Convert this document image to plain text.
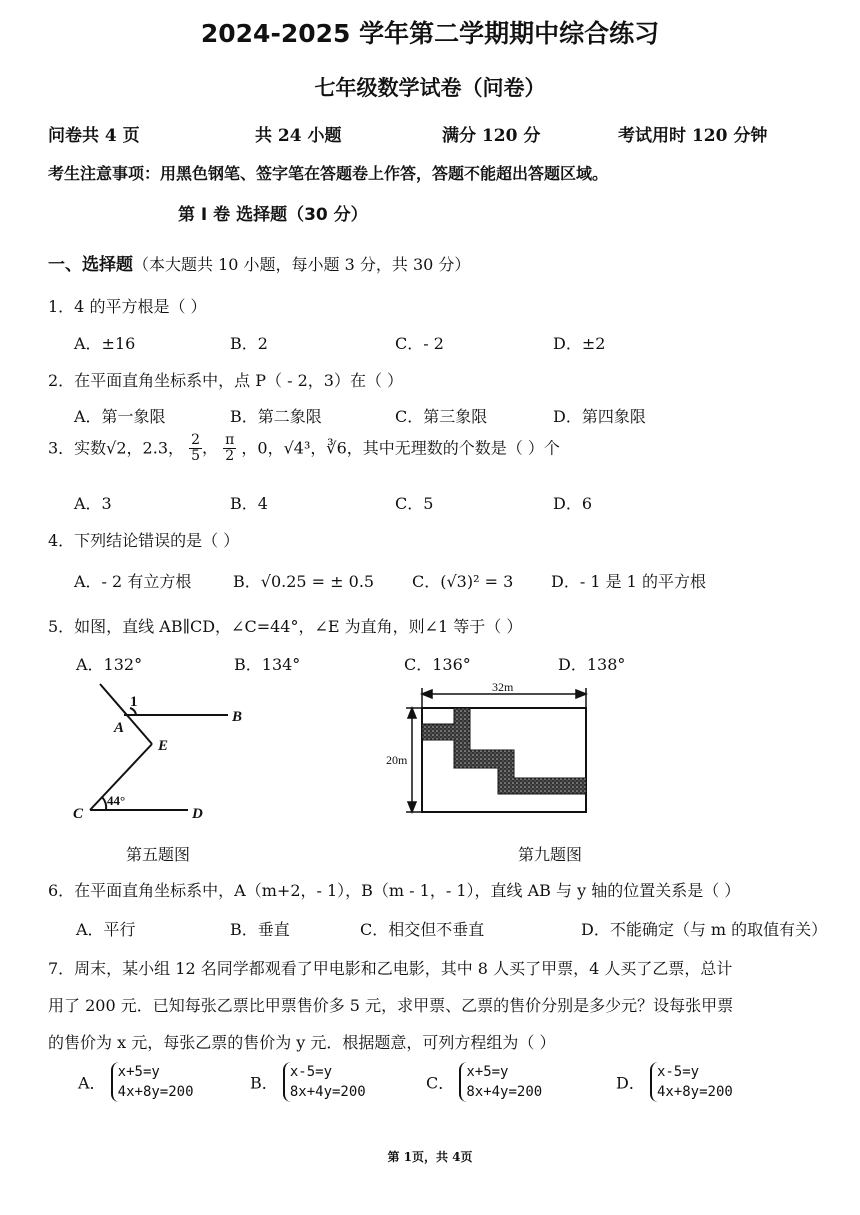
2024-2025 学年第二学期期中综合练习
七年级数学试卷（问卷）
问卷共 4 页	共 24 小题	满分 120 分	考试用时 120 分钟
考生注意事项：用黑色钢笔、签字笔在答题卷上作答，答题不能超出答题区域。
第 Ⅰ 卷 选择题（30 分）
一、选择题（本大题共 10 小题，每小题 3 分，共 30 分）
1．4 的平方根是（ ）
A．±16	B．2	C．- 2	D．±2
2．在平面直角坐标系中，点 P（ - 2，3）在（ ）
A．第一象限	B．第二象限	C．第三象限	D．第四象限
3．实数√2，2.3， $\frac{2}{5}$ ， $\frac{\pi}{2}$ ，0，√4³，∛6，其中无理数的个数是（ ）个
A．3	B．4	C．5	D．6
4．下列结论错误的是（ ）
A．- 2 有立方根	B．√0.25 = ± 0.5 C．(√3)² = 3 D．- 1 是 1 的平方根
5．如图，直线 AB∥CD，∠C=44°，∠E 为直角，则∠1 等于（ ）
A．132°	B．134°	C．136°	D．138°
1
A
B
E
C	D
44°
第五题图
32m
20m
第九题图
6．在平面直角坐标系中，A（m+2，- 1），B（m - 1，- 1），直线 AB 与 y 轴的位置关系是（ ）
A．平行	B．垂直	C．相交但不垂直	D．不能确定（与 m 的取值有关）
7．周末，某小组 12 名同学都观看了甲电影和乙电影，其中 8 人买了甲票，4 人买了乙票，总计
用了 200 元．已知每张乙票比甲票售价多 5 元，求甲票、乙票的售价分别是多少元？设每张甲票
的售价为 x 元，每张乙票的售价为 y 元．根据题意，可列方程组为（ ）
A．
x+5=y
4x+8y=200	B．
x-5=y
8x+4y=200	C．
x+5=y
8x+4y=200	D．
x-5=y
4x+8y=200
第 1页，共 4页
